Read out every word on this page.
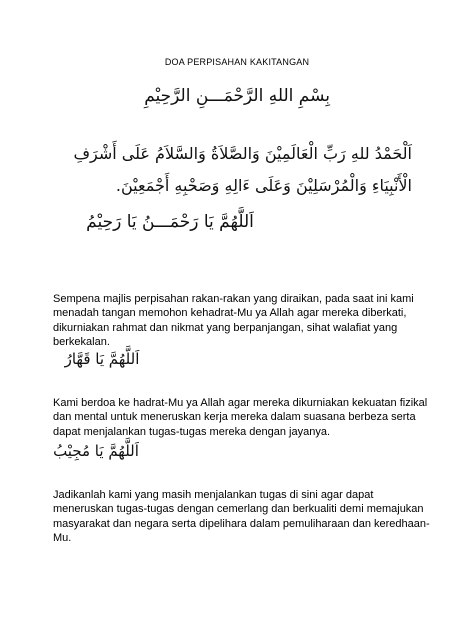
DOA PERPISAHAN KAKITANGAN
بِسْمِ اللهِ الرَّحْمَـــنِ الرَّحِيْمِ
اَلْحَمْدُ للهِ رَبِّ الْعَالَمِيْنَ وَالصَّلاَةُ وَالسَّلاَمُ عَلَى أَشْرَفِ الْأَنْبِيَاءِ وَالْمُرْسَلِيْنَ وَعَلَى ءَالِهِ وَصَحْبِهِ أَجْمَعِيْنَ.
اَللَّهُمَّ يَا رَحْمَـــنُ يَا رَحِيْمُ
Sempena majlis perpisahan rakan-rakan yang diraikan, pada saat ini kami menadah tangan memohon kehadrat-Mu ya Allah agar mereka diberkati, dikurniakan rahmat dan nikmat yang berpanjangan, sihat walafiat yang berkekalan.
اَللَّهُمَّ يَا قَهَّارُ
Kami berdoa ke hadrat-Mu ya Allah agar mereka dikurniakan kekuatan fizikal dan mental untuk meneruskan kerja mereka dalam suasana berbeza serta dapat menjalankan tugas-tugas mereka dengan jayanya.
اَللَّهُمَّ يَا مُجِيْبُ
Jadikanlah kami yang masih menjalankan tugas di sini agar dapat meneruskan tugas-tugas dengan cemerlang dan berkualiti demi memajukan masyarakat dan negara serta dipelihara dalam pemuliharaan dan keredhaan-Mu.
